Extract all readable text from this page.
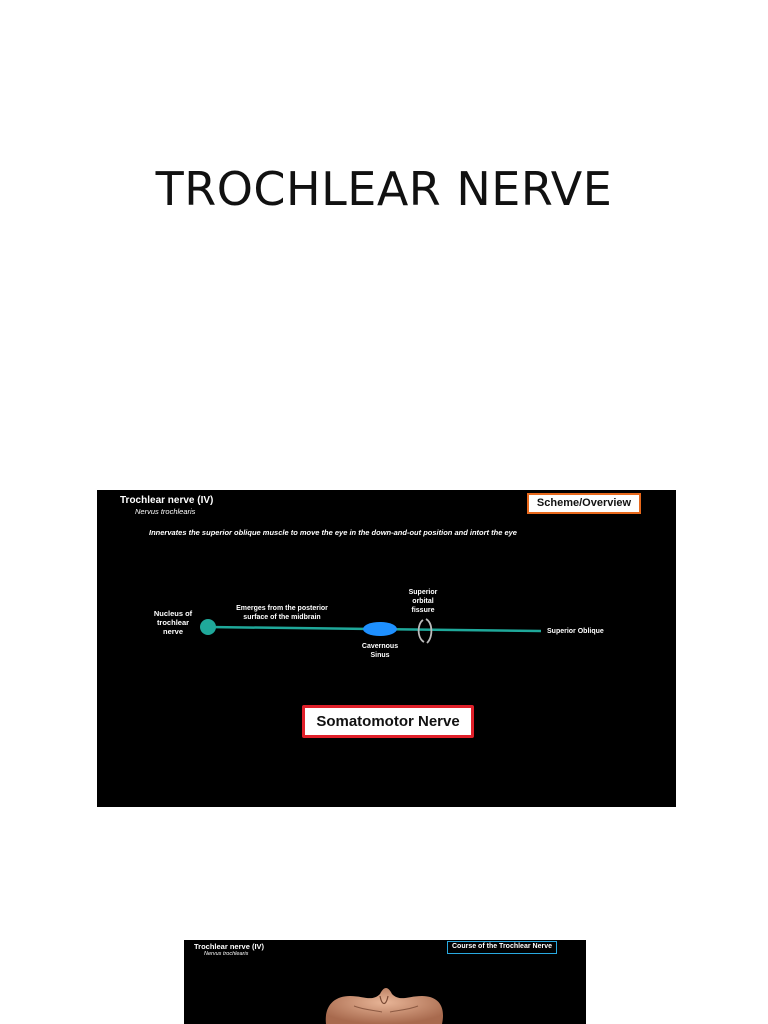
TROCHLEAR NERVE
Trochlear nerve (IV)
Nervus trochlearis
Scheme/Overview
Innervates the superior oblique muscle to move the eye in the down-and-out position and intort the eye
Nucleus of
trochlear
nerve
Emerges from the posterior
surface of the midbrain
Superior
orbital
fissure
Cavernous
Sinus
Superior Oblique
Somatomotor Nerve
Trochlear nerve (IV)
Nervus trochlearis
Course of the Trochlear Nerve
